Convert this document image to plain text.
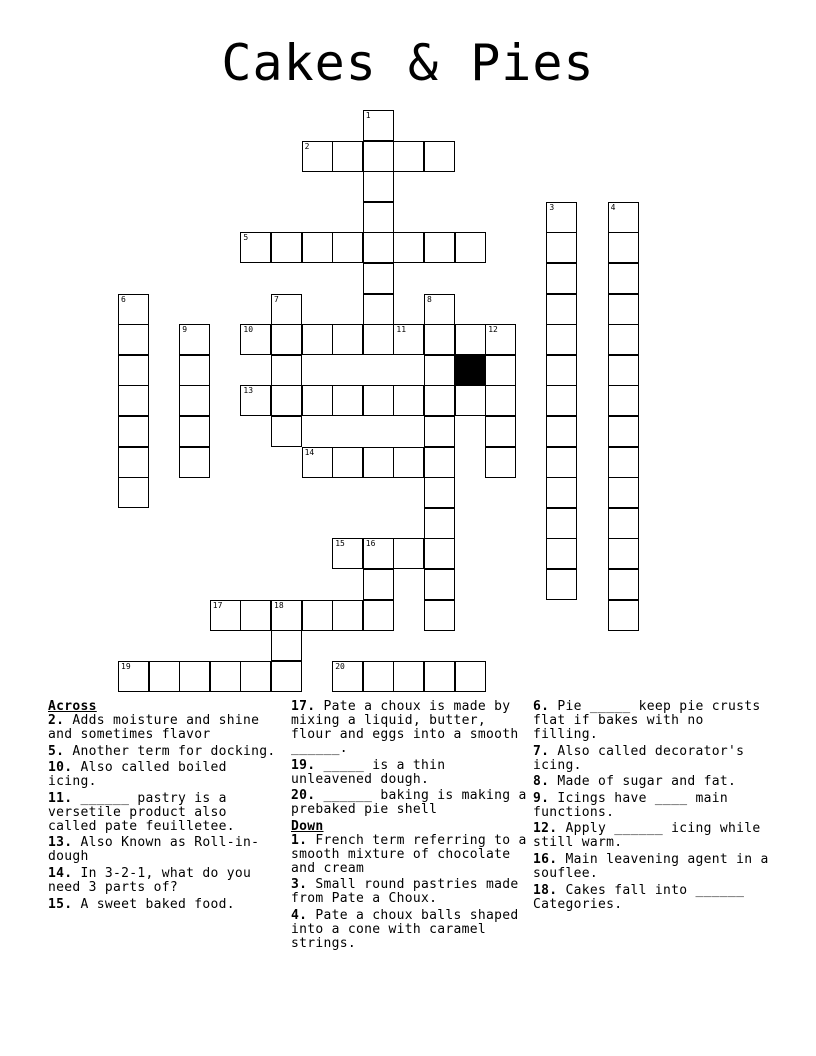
Cakes & Pies
1
2
3	4
5
6	7	8
9	10	11	12
13
14
15	16
17	18
19	20
Across
2. Adds moisture and shine and sometimes flavor
5. Another term for docking.
10. Also called boiled icing.
11. ______ pastry is a versetile product also called pate feuilletee.
13. Also Known as Roll-in-dough
14. In 3-2-1, what do you need 3 parts of?
15. A sweet baked food.
17. Pate a choux is made by mixing a liquid, butter, flour and eggs into a smooth ______.
19. _____ is a thin unleavened dough.
20. ______ baking is making a prebaked pie shell
Down
1. French term referring to a smooth mixture of chocolate and cream
3. Small round pastries made from Pate a Choux.
4. Pate a choux balls shaped into a cone with caramel strings.
6. Pie _____ keep pie crusts flat if bakes with no filling.
7. Also called decorator's icing.
8. Made of sugar and fat.
9. Icings have ____ main functions.
12. Apply ______ icing while still warm.
16. Main leavening agent in a souflee.
18. Cakes fall into ______ Categories.
